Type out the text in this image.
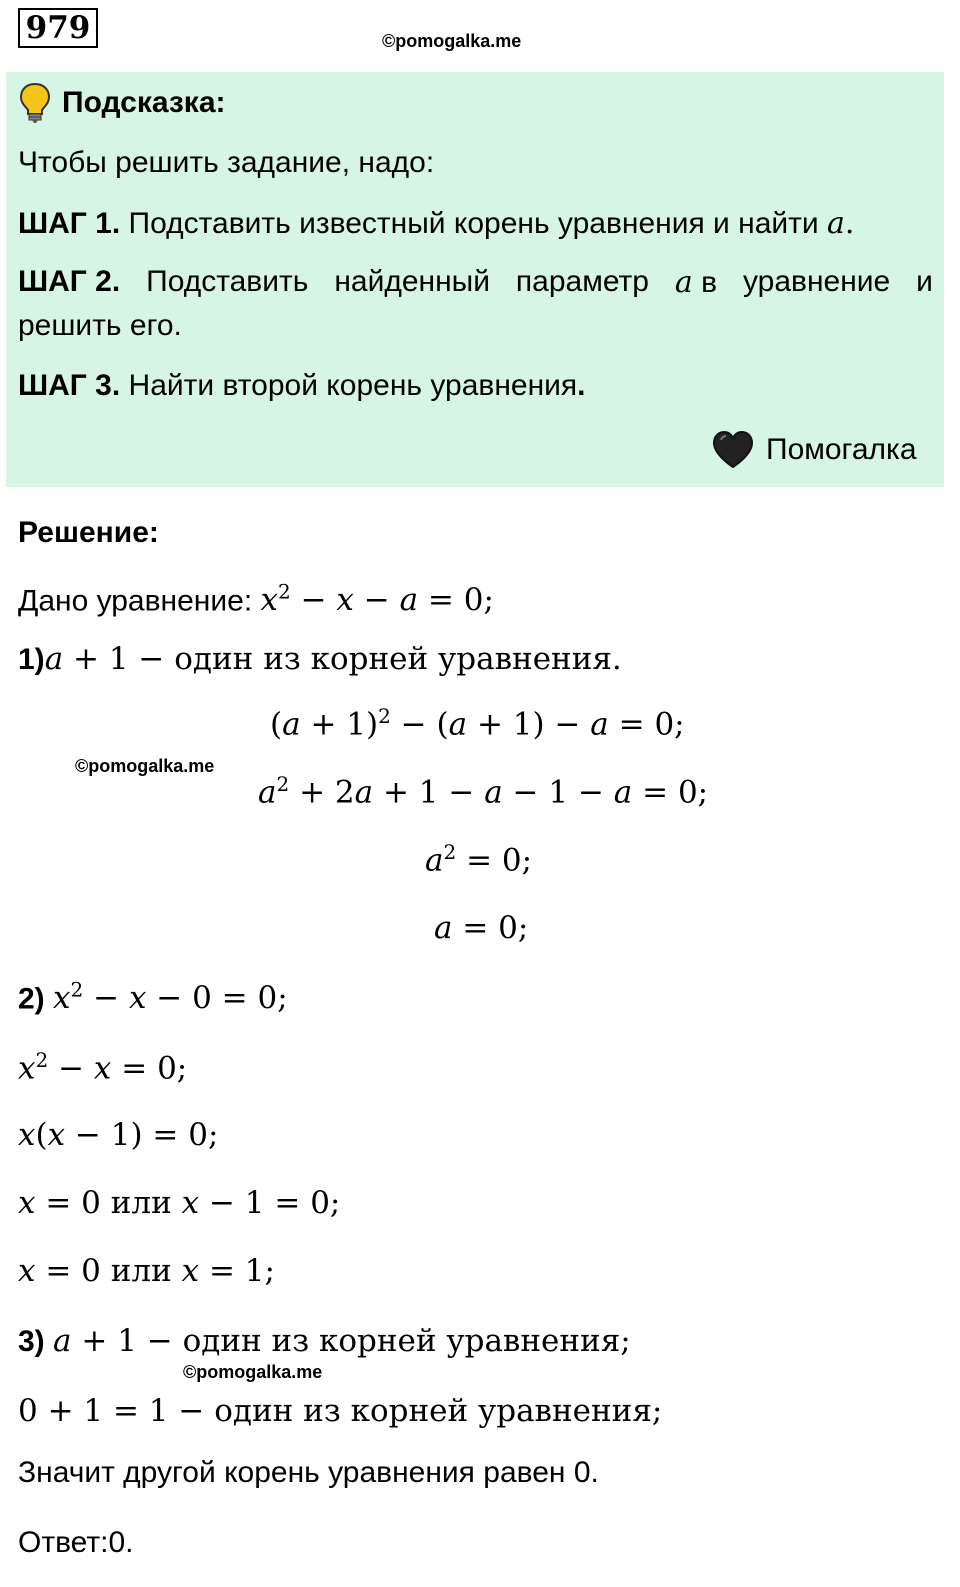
979	©pomogalka.me
Подсказка:
Чтобы решить задание, надо:
ШАГ 1. Подставить известный корень уравнения и найти a.
ШАГ 2. Подставить найденный параметр a в уравнение и
решить его.
ШАГ 3. Найти второй корень уравнения.
Помогалка
Решение:
Дано уравнение: $x^2 - x - a = 0$;
1)a + 1 − один из корней уравнения.
$(a + 1)^2 - (a + 1) - a = 0$;
©pomogalka.me
$a^2 + 2a + 1 - a - 1 - a = 0$;
$a^2 = 0$;
a = 0;
2) $x^2 - x - 0 = 0$;
$x^2 - x = 0$;
x(x − 1) = 0;
x = 0 или x − 1 = 0;
x = 0 или x = 1;
3) a + 1 − один из корней уравнения;
©pomogalka.me
0 + 1 = 1 − один из корней уравнения;
Значит другой корень уравнения равен 0.
Ответ:0.
